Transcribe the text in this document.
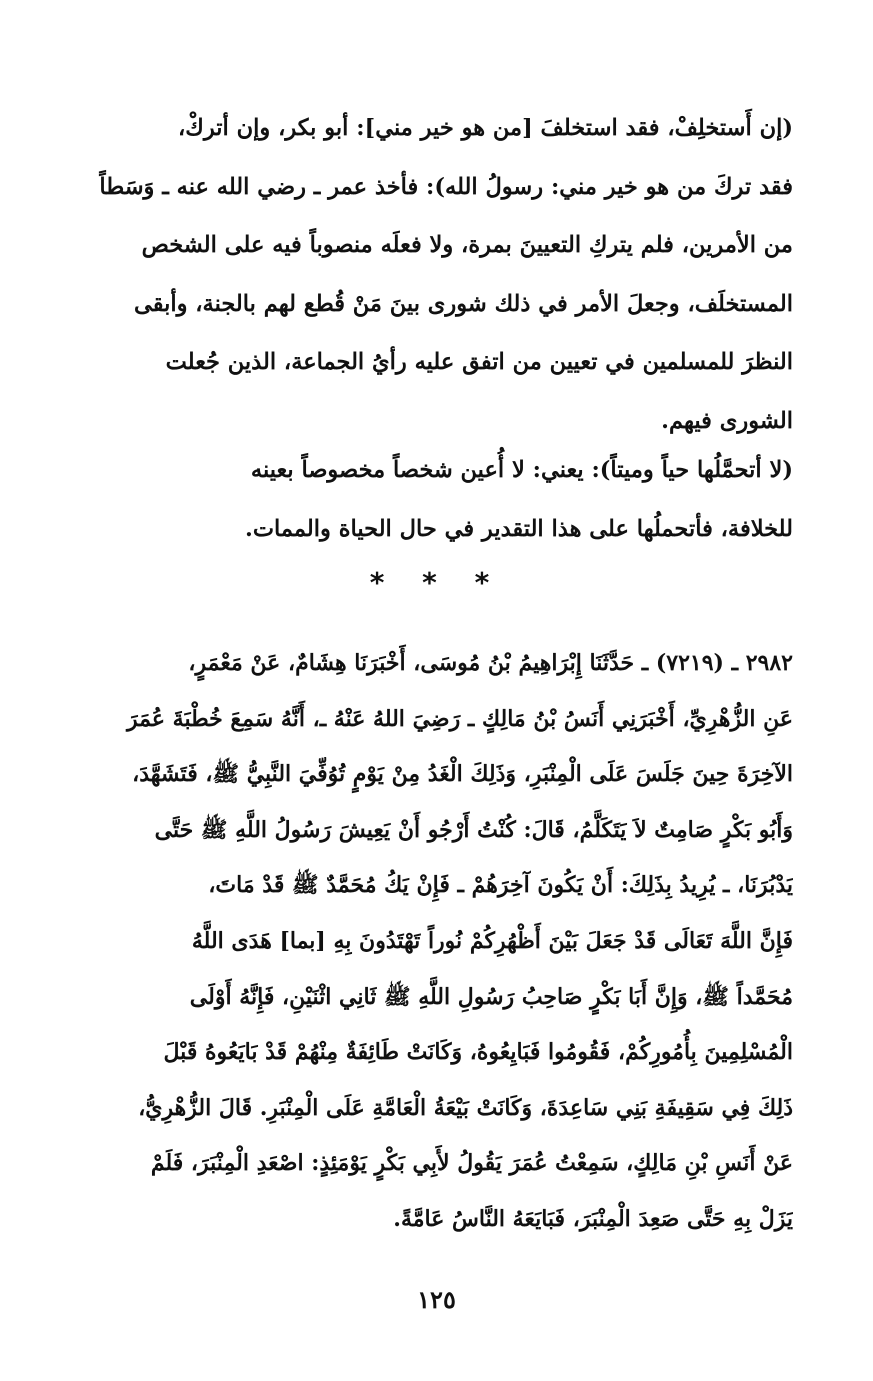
(إن أَستخلِفْ، فقد استخلفَ [من هو خير مني]: أبو بكر، وإن أتركْ،
فقد تركَ من هو خير مني: رسولُ الله): فأخذ عمر ـ رضي الله عنه ـ وَسَطاً
من الأمرين، فلم يتركِ التعيينَ بمرة، ولا فعلَه منصوباً فيه على الشخص
المستخلَف، وجعلَ الأمر في ذلك شورى بينَ مَنْ قُطع لهم بالجنة، وأبقى
النظرَ للمسلمين في تعيين من اتفق عليه رأيُ الجماعة، الذين جُعلت
الشورى فيهم.
(لا أتحمَّلُها حياً وميتاً): يعني: لا أُعين شخصاً مخصوصاً بعينه
للخلافة، فأتحملُها على هذا التقدير في حال الحياة والممات.
* * *
٢٩٨٢ ـ (٧٢١٩) ـ حَدَّثَنَا إِبْرَاهِيمُ بْنُ مُوسَى، أَخْبَرَنَا هِشَامٌ، عَنْ مَعْمَرٍ،
عَنِ الزُّهْرِيِّ، أَخْبَرَنِي أَنَسُ بْنُ مَالِكٍ ـ رَضِيَ اللهُ عَنْهُ ـ، أَنَّهُ سَمِعَ خُطْبَةَ عُمَرَ
الآخِرَةَ حِينَ جَلَسَ عَلَى الْمِنْبَرِ، وَذَلِكَ الْغَدُ مِنْ يَوْمٍ تُوُفِّيَ النَّبِيُّ ﷺ، فَتَشَهَّدَ،
وَأَبُو بَكْرٍ صَامِتٌ لاَ يَتَكَلَّمُ، قَالَ: كُنْتُ أَرْجُو أَنْ يَعِيشَ رَسُولُ اللَّهِ ﷺ حَتَّى
يَدْبُرَنَا، ـ يُرِيدُ بِذَلِكَ: أَنْ يَكُونَ آخِرَهُمْ ـ فَإِنْ يَكُ مُحَمَّدٌ ﷺ قَدْ مَاتَ،
فَإِنَّ اللَّهَ تَعَالَى قَدْ جَعَلَ بَيْنَ أَظْهُرِكُمْ نُوراً تَهْتَدُونَ بِهِ [بما] هَدَى اللَّهُ
مُحَمَّداً ﷺ، وَإِنَّ أَبَا بَكْرٍ صَاحِبُ رَسُولِ اللَّهِ ﷺ ثَانِي اثْنَيْنِ، فَإِنَّهُ أَوْلَى
الْمُسْلِمِينَ بِأُمُورِكُمْ، فَقُومُوا فَبَايِعُوهُ، وَكَانَتْ طَائِفَةٌ مِنْهُمْ قَدْ بَايَعُوهُ قَبْلَ
ذَلِكَ فِي سَقِيفَةِ بَنِي سَاعِدَةَ، وَكَانَتْ بَيْعَةُ الْعَامَّةِ عَلَى الْمِنْبَرِ. قَالَ الزُّهْرِيُّ،
عَنْ أَنَسِ بْنِ مَالِكٍ، سَمِعْتُ عُمَرَ يَقُولُ لأَبِي بَكْرٍ يَوْمَئِذٍ: اصْعَدِ الْمِنْبَرَ، فَلَمْ
يَزَلْ بِهِ حَتَّى صَعِدَ الْمِنْبَرَ، فَبَايَعَهُ النَّاسُ عَامَّةً.
١٢٥
